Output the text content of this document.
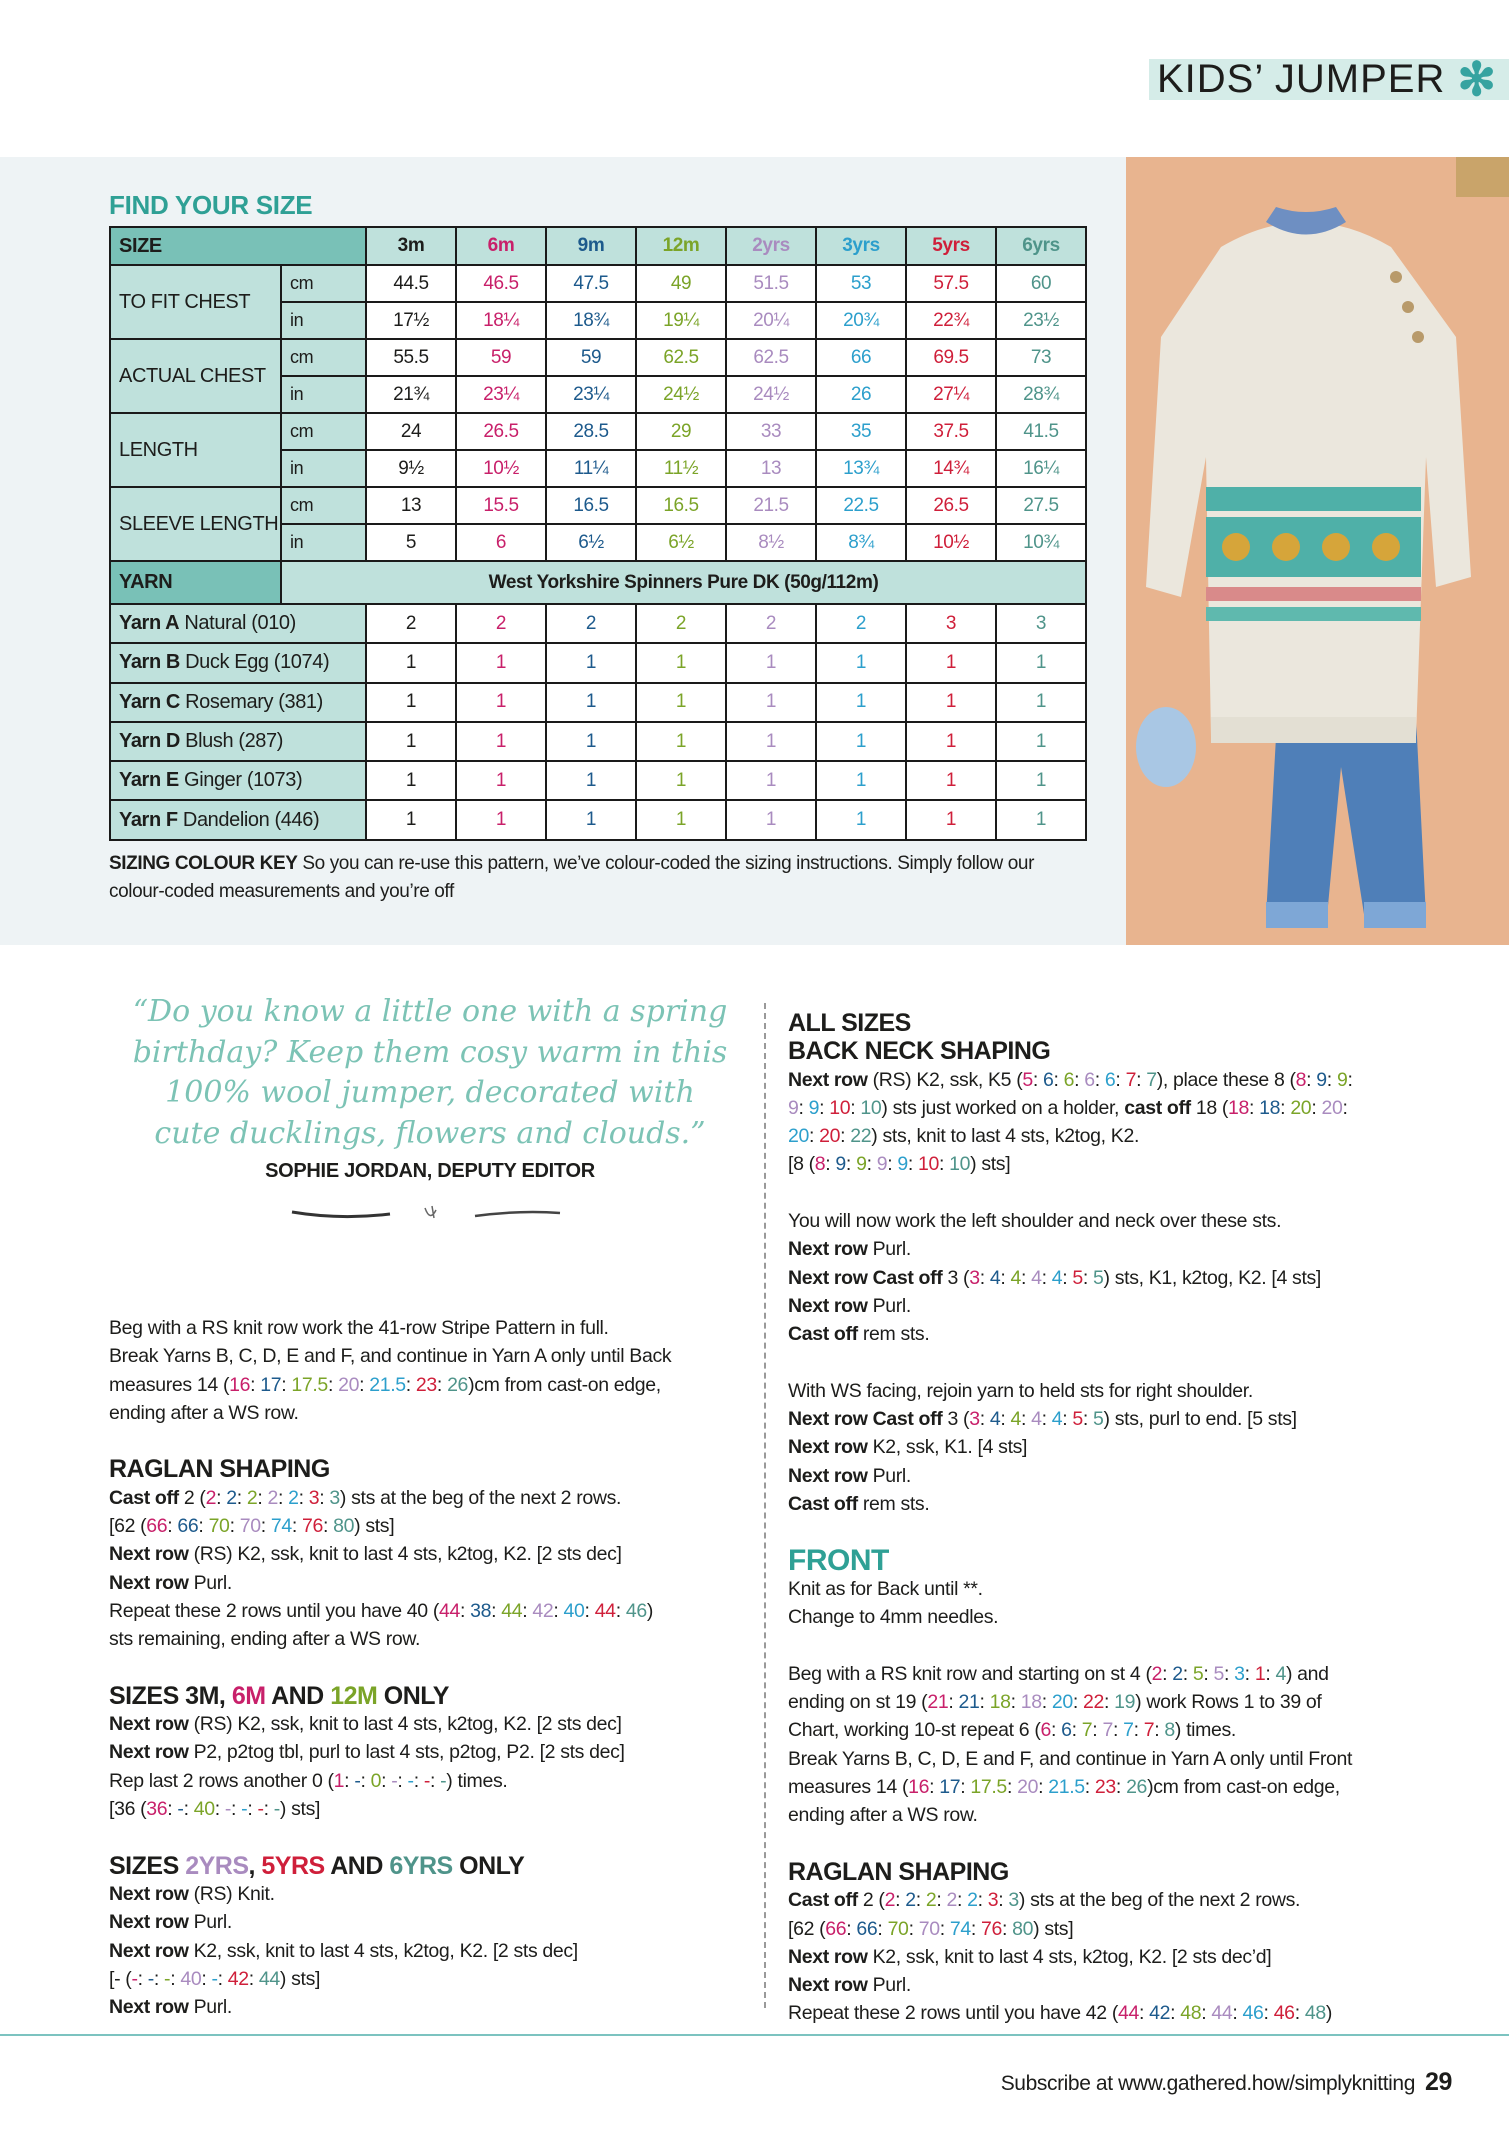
KIDS’ JUMPER ✻
FIND YOUR SIZE
SIZE		3m	6m	9m	12m	2yrs	3yrs	5yrs	6yrs
TO FIT CHEST	cm	44.5	46.5	47.5	49	51.5	53	57.5	60
	in	17½	18¼	18¾	19¼	20¼	20¾	22¾	23½
ACTUAL CHEST	cm	55.5	59	59	62.5	62.5	66	69.5	73
	in	21¾	23¼	23¼	24½	24½	26	27¼	28¾
LENGTH	cm	24	26.5	28.5	29	33	35	37.5	41.5
	in	9½	10½	11¼	11½	13	13¾	14¾	16¼
SLEEVE LENGTH	cm	13	15.5	16.5	16.5	21.5	22.5	26.5	27.5
	in	5	6	6½	6½	8½	8¾	10½	10¾
YARN	West Yorkshire Spinners Pure DK (50g/112m)								
Yarn A Natural (010)		2	2	2	2	2	2	3	3
Yarn B Duck Egg (1074)		1	1	1	1	1	1	1	1
Yarn C Rosemary (381)		1	1	1	1	1	1	1	1
Yarn D Blush (287)		1	1	1	1	1	1	1	1
Yarn E Ginger (1073)		1	1	1	1	1	1	1	1
Yarn F Dandelion (446)		1	1	1	1	1	1	1	1
SIZING COLOUR KEY So you can re-use this pattern, we’ve colour-coded the sizing instructions. Simply follow our colour-coded measurements and you’re off
“Do you know a little one with a spring birthday? Keep them cosy warm in this 100% wool jumper, decorated with cute ducklings, flowers and clouds.”
SOPHIE JORDAN, DEPUTY EDITOR
Beg with a RS knit row work the 41-row Stripe Pattern in full.
Break Yarns B, C, D, E and F, and continue in Yarn A only until Back
measures 14 (16: 17: 17.5: 20: 21.5: 23: 26)cm from cast-on edge,
ending after a WS row.
RAGLAN SHAPING
Cast off 2 (2: 2: 2: 2: 2: 3: 3) sts at the beg of the next 2 rows.
[62 (66: 66: 70: 70: 74: 76: 80) sts]
Next row (RS) K2, ssk, knit to last 4 sts, k2tog, K2. [2 sts dec]
Next row Purl.
Repeat these 2 rows until you have 40 (44: 38: 44: 42: 40: 44: 46)
sts remaining, ending after a WS row.
SIZES 3M, 6M AND 12M ONLY
Next row (RS) K2, ssk, knit to last 4 sts, k2tog, K2. [2 sts dec]
Next row P2, p2tog tbl, purl to last 4 sts, p2tog, P2. [2 sts dec]
Rep last 2 rows another 0 (1: -: 0: -: -: -: -) times.
[36 (36: -: 40: -: -: -: -) sts]
SIZES 2YRS, 5YRS AND 6YRS ONLY
Next row (RS) Knit.
Next row Purl.
Next row K2, ssk, knit to last 4 sts, k2tog, K2. [2 sts dec]
[- (-: -: -: 40: -: 42: 44) sts]
Next row Purl.
ALL SIZES
BACK NECK SHAPING
Next row (RS) K2, ssk, K5 (5: 6: 6: 6: 6: 7: 7), place these 8 (8: 9: 9:
9: 9: 10: 10) sts just worked on a holder, cast off 18 (18: 18: 20: 20:
20: 20: 22) sts, knit to last 4 sts, k2tog, K2.
[8 (8: 9: 9: 9: 9: 10: 10) sts]
You will now work the left shoulder and neck over these sts.
Next row Purl.
Next row Cast off 3 (3: 4: 4: 4: 4: 5: 5) sts, K1, k2tog, K2. [4 sts]
Next row Purl.
Cast off rem sts.
With WS facing, rejoin yarn to held sts for right shoulder.
Next row Cast off 3 (3: 4: 4: 4: 4: 5: 5) sts, purl to end. [5 sts]
Next row K2, ssk, K1. [4 sts]
Next row Purl.
Cast off rem sts.
FRONT
Knit as for Back until **.
Change to 4mm needles.
Beg with a RS knit row and starting on st 4 (2: 2: 5: 5: 3: 1: 4) and
ending on st 19 (21: 21: 18: 18: 20: 22: 19) work Rows 1 to 39 of
Chart, working 10-st repeat 6 (6: 6: 7: 7: 7: 7: 8) times.
Break Yarns B, C, D, E and F, and continue in Yarn A only until Front
measures 14 (16: 17: 17.5: 20: 21.5: 23: 26)cm from cast-on edge,
ending after a WS row.
RAGLAN SHAPING
Cast off 2 (2: 2: 2: 2: 2: 3: 3) sts at the beg of the next 2 rows.
[62 (66: 66: 70: 70: 74: 76: 80) sts]
Next row K2, ssk, knit to last 4 sts, k2tog, K2. [2 sts dec’d]
Next row Purl.
Repeat these 2 rows until you have 42 (44: 42: 48: 44: 46: 46: 48)
Subscribe at www.gathered.how/simplyknitting 29
